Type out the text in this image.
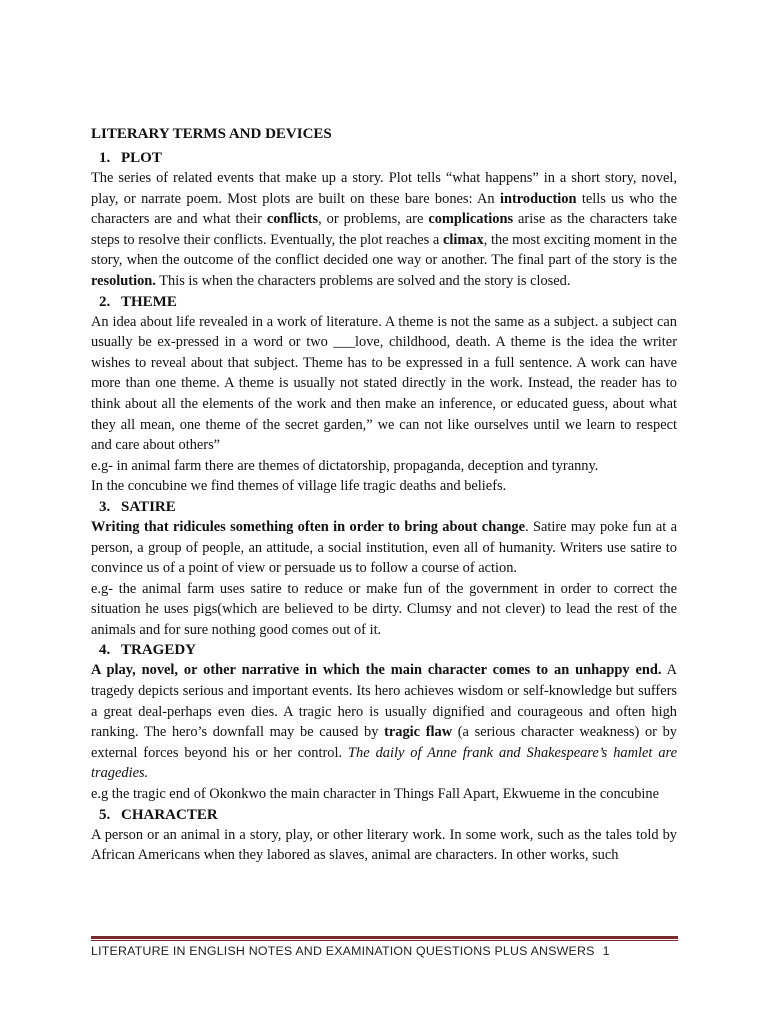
LITERARY TERMS AND DEVICES
1. PLOT

The series of related events that make up a story. Plot tells “what happens” in a short story, novel, play, or narrate poem. Most plots are built on these bare bones: An introduction tells us who the characters are and what their conflicts, or problems, are complications arise as the characters take steps to resolve their conflicts. Eventually, the plot reaches a climax, the most exciting moment in the story, when the outcome of the conflict decided one way or another. The final part of the story is the resolution. This is when the characters problems are solved and the story is closed.

2. THEME

An idea about life revealed in a work of literature. A theme is not the same as a subject. a subject can usually be ex-pressed in a word or two ___love, childhood, death. A theme is the idea the writer wishes to reveal about that subject. Theme has to be expressed in a full sentence. A work can have more than one theme. A theme is usually not stated directly in the work. Instead, the reader has to think about all the elements of the work and then make an inference, or educated guess, about what they all mean, one theme of the secret garden,” we can not like ourselves until we learn to respect and care about others”

e.g- in animal farm there are themes of dictatorship, propaganda, deception and tyranny.

In the concubine we find themes of village life tragic deaths and beliefs.

3. SATIRE

Writing that ridicules something often in order to bring about change. Satire may poke fun at a person, a group of people, an attitude, a social institution, even all of humanity. Writers use satire to convince us of a point of view or persuade us to follow a course of action.

e.g- the animal farm uses satire to reduce or make fun of the government in order to correct the situation he uses pigs(which are believed to be dirty. Clumsy and not clever) to lead the rest of the animals and for sure nothing good comes out of it.

4. TRAGEDY

A play, novel, or other narrative in which the main character comes to an unhappy end. A tragedy depicts serious and important events. Its hero achieves wisdom or self-knowledge but suffers a great deal-perhaps even dies. A tragic hero is usually dignified and courageous and often high ranking. The hero’s downfall may be caused by tragic flaw (a serious character weakness) or by external forces beyond his or her control. The daily of Anne frank and Shakespeare’s hamlet are tragedies.

e.g the tragic end of Okonkwo the main character in Things Fall Apart, Ekwueme in the concubine

5. CHARACTER

A person or an animal in a story, play, or other literary work. In some work, such as the tales told by African Americans when they labored as slaves, animal are characters. In other works, such

LITERATURE IN ENGLISH NOTES AND EXAMINATION QUESTIONS PLUS ANSWERS 1
